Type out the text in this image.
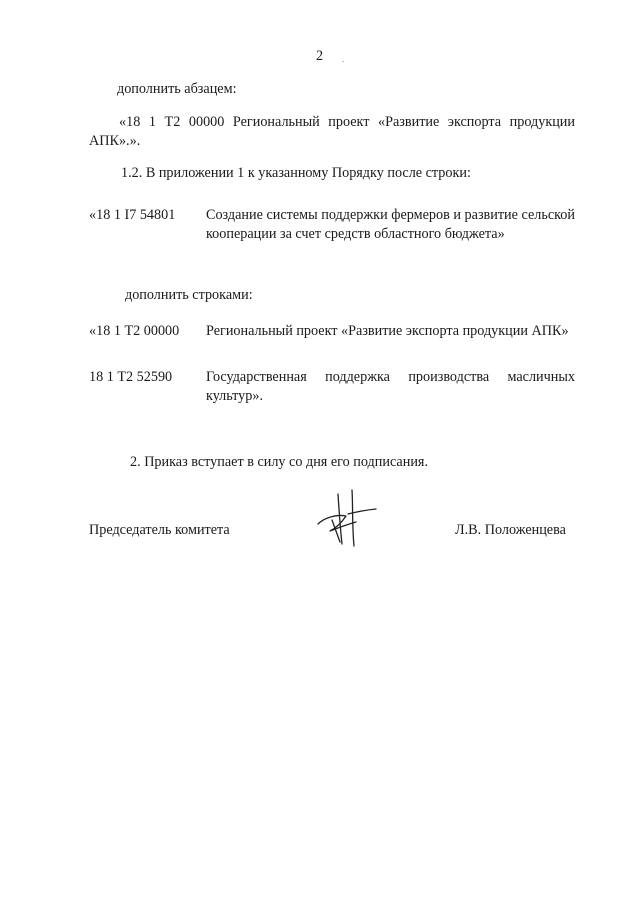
2 .
дополнить абзацем:
«18 1 Т2 00000 Региональный проект «Развитие экспорта продукции АПК».».
1.2. В приложении 1 к указанному Порядку после строки:
«18 1 I7 54801 Создание системы поддержки фермеров и развитие сельской кооперации за счет средств областного бюджета»
дополнить строками:
«18 1 Т2 00000 Региональный проект «Развитие экспорта продукции АПК»
18 1 Т2 52590 Государственная поддержка производства масличных культур».
2. Приказ вступает в силу со дня его подписания.
Председатель комитета	Л.В. Положенцева
